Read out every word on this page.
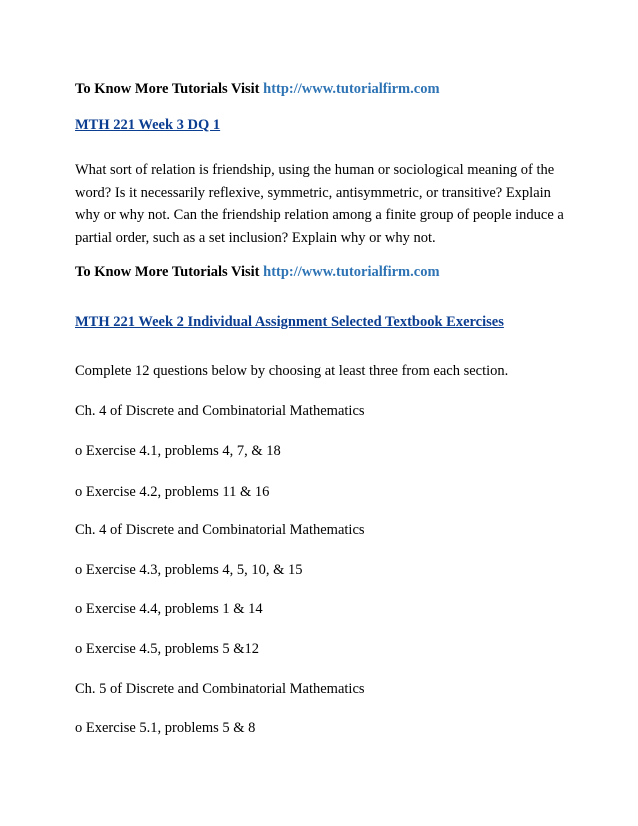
To Know More Tutorials Visit http://www.tutorialfirm.com
MTH 221 Week 3 DQ 1
What sort of relation is friendship, using the human or sociological meaning of the word? Is it necessarily reflexive, symmetric, antisymmetric, or transitive? Explain why or why not. Can the friendship relation among a finite group of people induce a partial order, such as a set inclusion? Explain why or why not.
To Know More Tutorials Visit http://www.tutorialfirm.com
MTH 221 Week 2 Individual Assignment Selected Textbook Exercises
Complete 12 questions below by choosing at least three from each section.
Ch. 4 of Discrete and Combinatorial Mathematics
o Exercise 4.1, problems 4, 7, & 18
o Exercise 4.2, problems 11 & 16
Ch. 4 of Discrete and Combinatorial Mathematics
o Exercise 4.3, problems 4, 5, 10, & 15
o Exercise 4.4, problems 1 & 14
o Exercise 4.5, problems 5 &12
Ch. 5 of Discrete and Combinatorial Mathematics
o Exercise 5.1, problems 5 & 8
